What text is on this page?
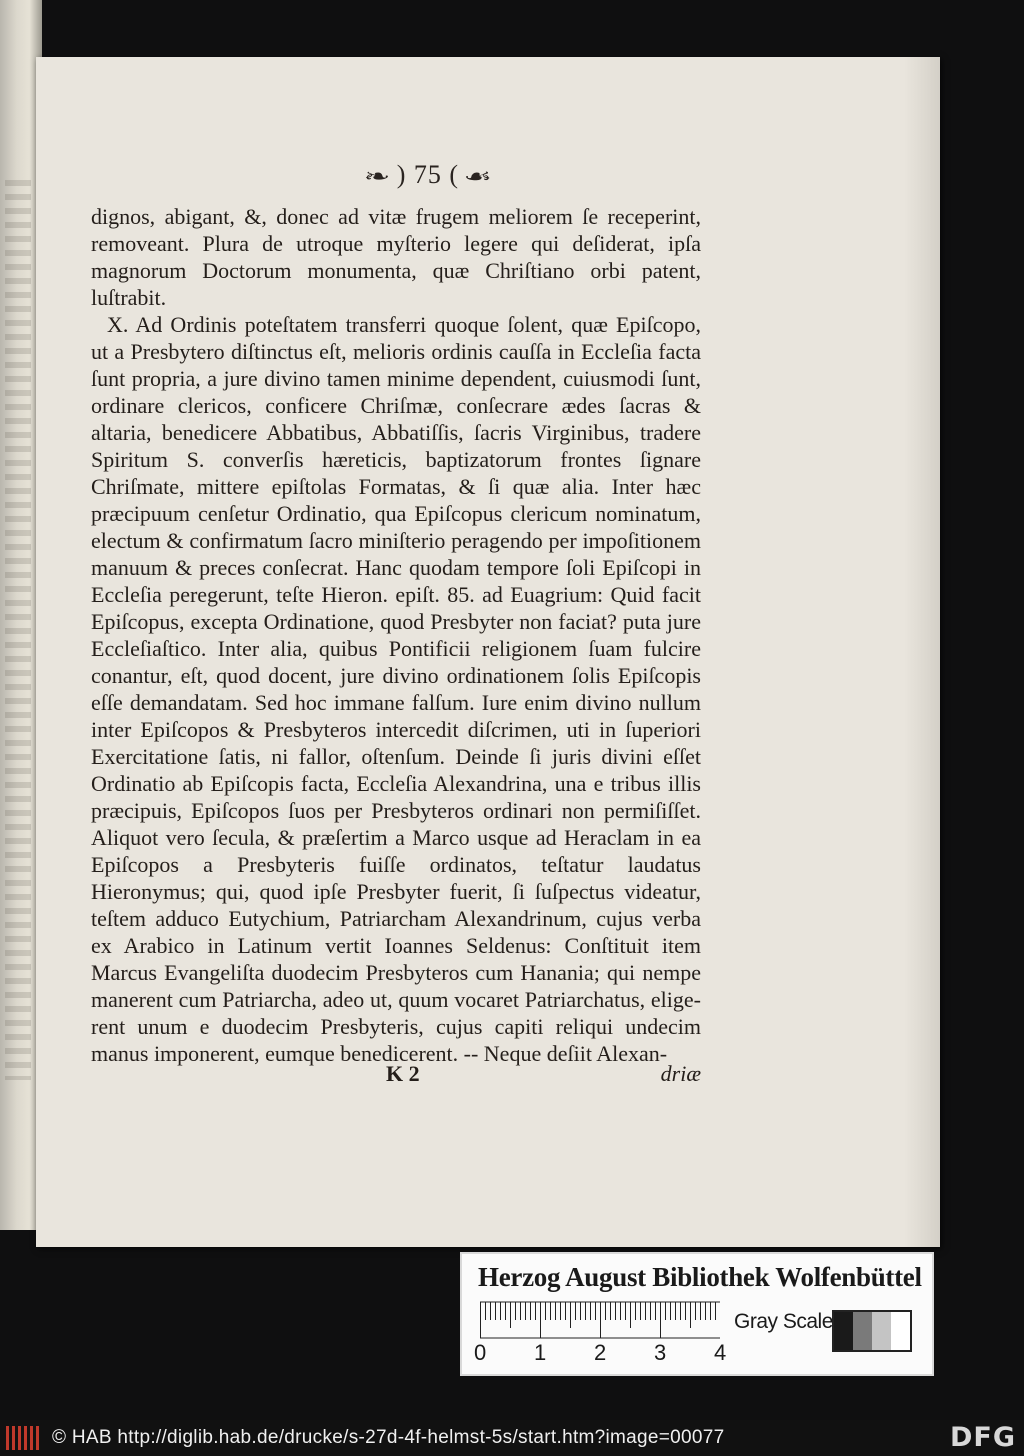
❧ ) 75 ( ☙

dignos, abigant, &, donec ad vitæ frugem meliorem ſe receperint, removeant. Plura de utroque myſterio legere qui deſiderat, ipſa magnorum Doctorum monumenta, quæ Chriſtiano orbi patent, luſtrabit.

X. Ad Ordinis poteſtatem transferri quoque ſolent, quæ Epiſcopo, ut a Presbytero diſtinctus eſt, melioris ordinis cauſſa in Eccleſia facta ſunt propria, a jure divino tamen minime dependent, cuiusmodi ſunt, ordinare clericos, conficere Chriſmæ, conſecrare ædes ſacras & altaria, benedicere Abbatibus, Abbatiſſis, ſacris Virginibus, tradere Spiritum S. converſis hæreticis, baptizatorum frontes ſignare Chriſmate, mittere epiſtolas Formatas, & ſi quæ alia. Inter hæc præcipuum cenſetur Ordinatio, qua Epiſcopus clericum nominatum, electum & confirmatum ſacro miniſterio peragendo per impoſitionem manuum & preces conſecrat. Hanc quodam tempore ſoli Epiſcopi in Eccleſia peregerunt, teſte Hieron. epiſt. 85. ad Euagrium: Quid facit Epiſcopus, excepta Ordinatione, quod Presbyter non faciat? puta jure Eccleſiaſtico. Inter alia, quibus Pontificii religionem ſuam fulcire conantur, eſt, quod docent, jure divino ordinationem ſolis Epiſcopis eſſe demandatam. Sed hoc immane falſum. Iure enim divino nullum inter Epiſcopos & Presbyteros intercedit diſcrimen, uti in ſuperiori Exercitatione ſatis, ni fallor, oſtenſum. Deinde ſi juris divini eſſet Ordinatio ab Epiſcopis facta, Eccleſia Alexandrina, una e tribus illis præcipuis, Epiſcopos ſuos per Presbyteros ordinari non permiſiſſet. Aliquot vero ſecula, & præſertim a Marco usque ad Heraclam in ea Epiſcopos a Presbyteris fuiſſe ordinatos, teſtatur laudatus Hieronymus; qui, quod ipſe Presbyter fuerit, ſi ſuſpectus videatur, teſtem adduco Eutychium, Patriarcham Alexandrinum, cujus verba ex Arabico in Latinum vertit Ioannes Seldenus: Conſtituit item Marcus Evangeliſta duodecim Presbyteros cum Hanania; qui nempe manerent cum Patriarcha, adeo ut, quum vocaret Patriarchatus, eligerent unum e duodecim Presbyteris, cujus capiti reliqui undecim manus imponerent, eumque benedicerent. -- Neque deſiit Alexan-

K 2	driæ
Herzog August Bibliothek Wolfenbüttel
0 1 2 3 4
Gray Scale
© HAB http://diglib.hab.de/drucke/s-27d-4f-helmst-5s/start.htm?image=00077	DFG
